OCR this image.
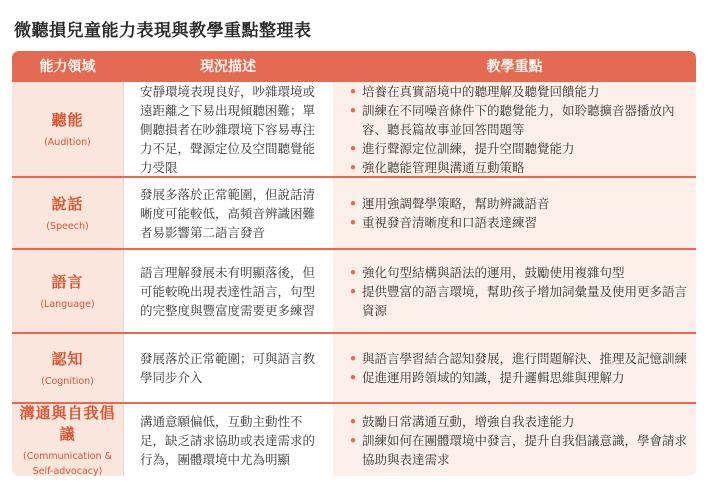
微聽損兒童能力表現與教學重點整理表
能力領域	現況描述	教學重點
聽能
(Audition)
安靜環境表現良好，吵雜環境或遠距離之下易出現傾聽困難；單側聽損者在吵雜環境下容易專注力不足，聲源定位及空間聽覺能力受限
• 培養在真實語境中的聽理解及聽覺回饋能力
• 訓練在不同噪音條件下的聽覺能力，如聆聽擴音器播放內容、聽長篇故事並回答問題等
• 進行聲源定位訓練，提升空間聽覺能力
• 強化聽能管理與溝通互動策略
說話
(Speech)
發展多落於正常範圍，但說話清晰度可能較低，高頻音辨識困難者易影響第二語言發音
• 運用強調聲學策略，幫助辨識語音
• 重視發音清晰度和口語表達練習
語言
(Language)
語言理解發展未有明顯落後，但可能較晚出現表達性語言，句型的完整度與豐富度需要更多練習
• 強化句型結構與語法的運用，鼓勵使用複雜句型
• 提供豐富的語言環境，幫助孩子增加詞彙量及使用更多語言資源
認知
(Cognition)
發展落於正常範圍；可與語言教學同步介入
• 與語言學習結合認知發展，進行問題解決、推理及記憶訓練
• 促進運用跨領域的知識，提升邏輯思維與理解力
溝通與自我倡議
(Communication & Self-advocacy)
溝通意願偏低，互動主動性不足，缺乏請求協助或表達需求的行為，團體環境中尤為明顯
• 鼓勵日常溝通互動，增強自我表達能力
• 訓練如何在團體環境中發言，提升自我倡議意識，學會請求協助與表達需求
